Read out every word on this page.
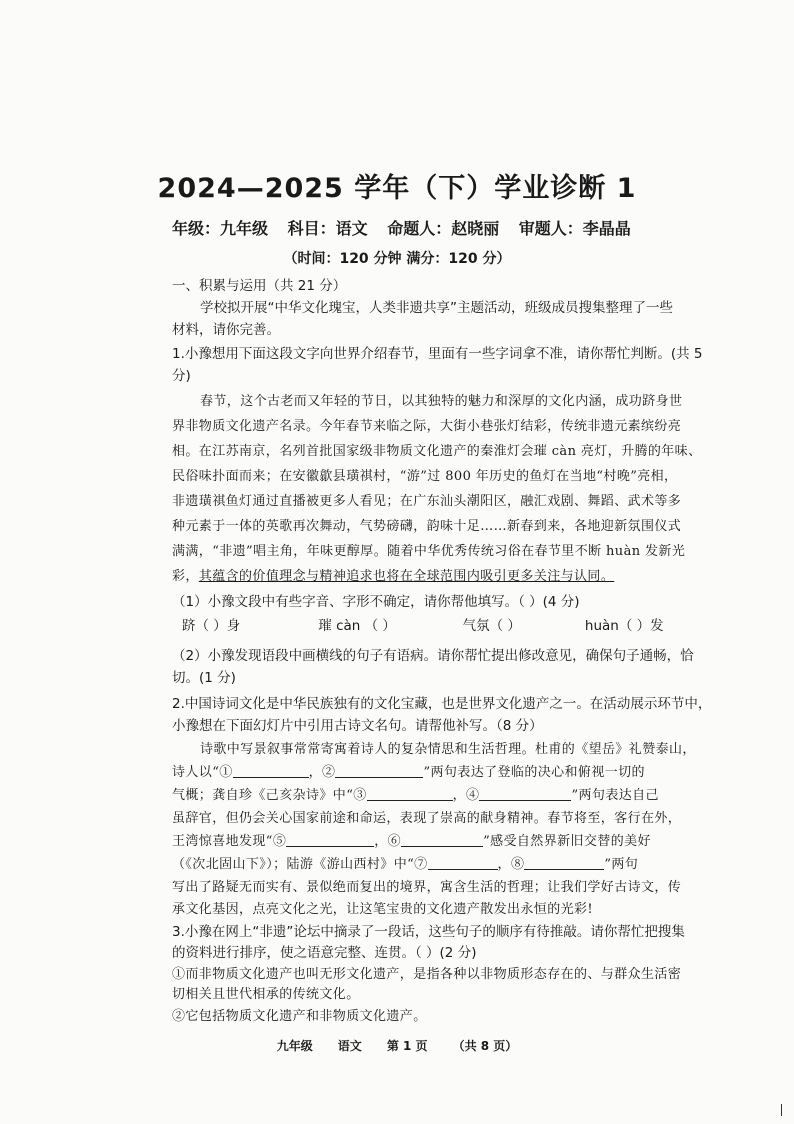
2024—2025 学年（下）学业诊断 1
年级：九年级 科目：语文 命题人：赵晓丽 审题人：李晶晶
（时间：120 分钟 满分：120 分）
一、积累与运用（共 21 分）
学校拟开展“中华文化瑰宝，人类非遗共享”主题活动，班级成员搜集整理了一些
材料，请你完善。
1.小豫想用下面这段文字向世界介绍春节，里面有一些字词拿不准，请你帮忙判断。(共 5
分)
春节，这个古老而又年轻的节日，以其独特的魅力和深厚的文化内涵，成功跻身世
界非物质文化遗产名录。今年春节来临之际，大街小巷张灯结彩，传统非遗元素缤纷亮
相。在江苏南京，名列首批国家级非物质文化遗产的秦淮灯会璀 càn 亮灯，升腾的年味、
民俗味扑面而来；在安徽歙县璜祺村，“游”过 800 年历史的鱼灯在当地“村晚”亮相，
非遗璜祺鱼灯通过直播被更多人看见；在广东汕头潮阳区，融汇戏剧、舞蹈、武术等多
种元素于一体的英歌再次舞动，气势磅礴，韵味十足……新春到来，各地迎新氛围仪式
满满，“非遗”唱主角，年味更醇厚。随着中华优秀传统习俗在春节里不断 huàn 发新光
彩，其蕴含的价值理念与精神追求也将在全球范围内吸引更多关注与认同。
（1）小豫文段中有些字音、字形不确定，请你帮他填写。（ ）(4 分)
跻（ ）身	璀 càn （ ）	气氛（ ）	huàn（ ）发
（2）小豫发现语段中画横线的句子有语病。请你帮忙提出修改意见，确保句子通畅，恰
切。(1 分)
2.中国诗词文化是中华民族独有的文化宝藏，也是世界文化遗产之一。在活动展示环节中，
小豫想在下面幻灯片中引用古诗文名句。请帮他补写。（8 分）
诗歌中写景叙事常常寄寓着诗人的复杂情思和生活哲理。杜甫的《望岳》礼赞泰山，
诗人以“①	，②	”两句表达了登临的决心和俯视一切的
气概；龚自珍《己亥杂诗》中“③	，④	”两句表达自己
虽辞官，但仍会关心国家前途和命运，表现了崇高的献身精神。春节将至，客行在外，
王湾惊喜地发现“⑤	，⑥	”感受自然界新旧交替的美好
（《次北固山下》）；陆游《游山西村》中“⑦	，⑧	”两句
写出了路疑无而实有、景似绝而复出的境界，寓含生活的哲理；让我们学好古诗文，传
承文化基因，点亮文化之光，让这笔宝贵的文化遗产散发出永恒的光彩!
3.小豫在网上“非遗”论坛中摘录了一段话，这些句子的顺序有待推敲。请你帮忙把搜集
的资料进行排序，使之语意完整、连贯。（ ）(2 分)
九年级      语文      第 1 页      （共 8 页）
①而非物质文化遗产也叫无形文化遗产，是指各种以非物质形态存在的、与群众生活密
切相关且世代相承的传统文化。
②它包括物质文化遗产和非物质文化遗产。
